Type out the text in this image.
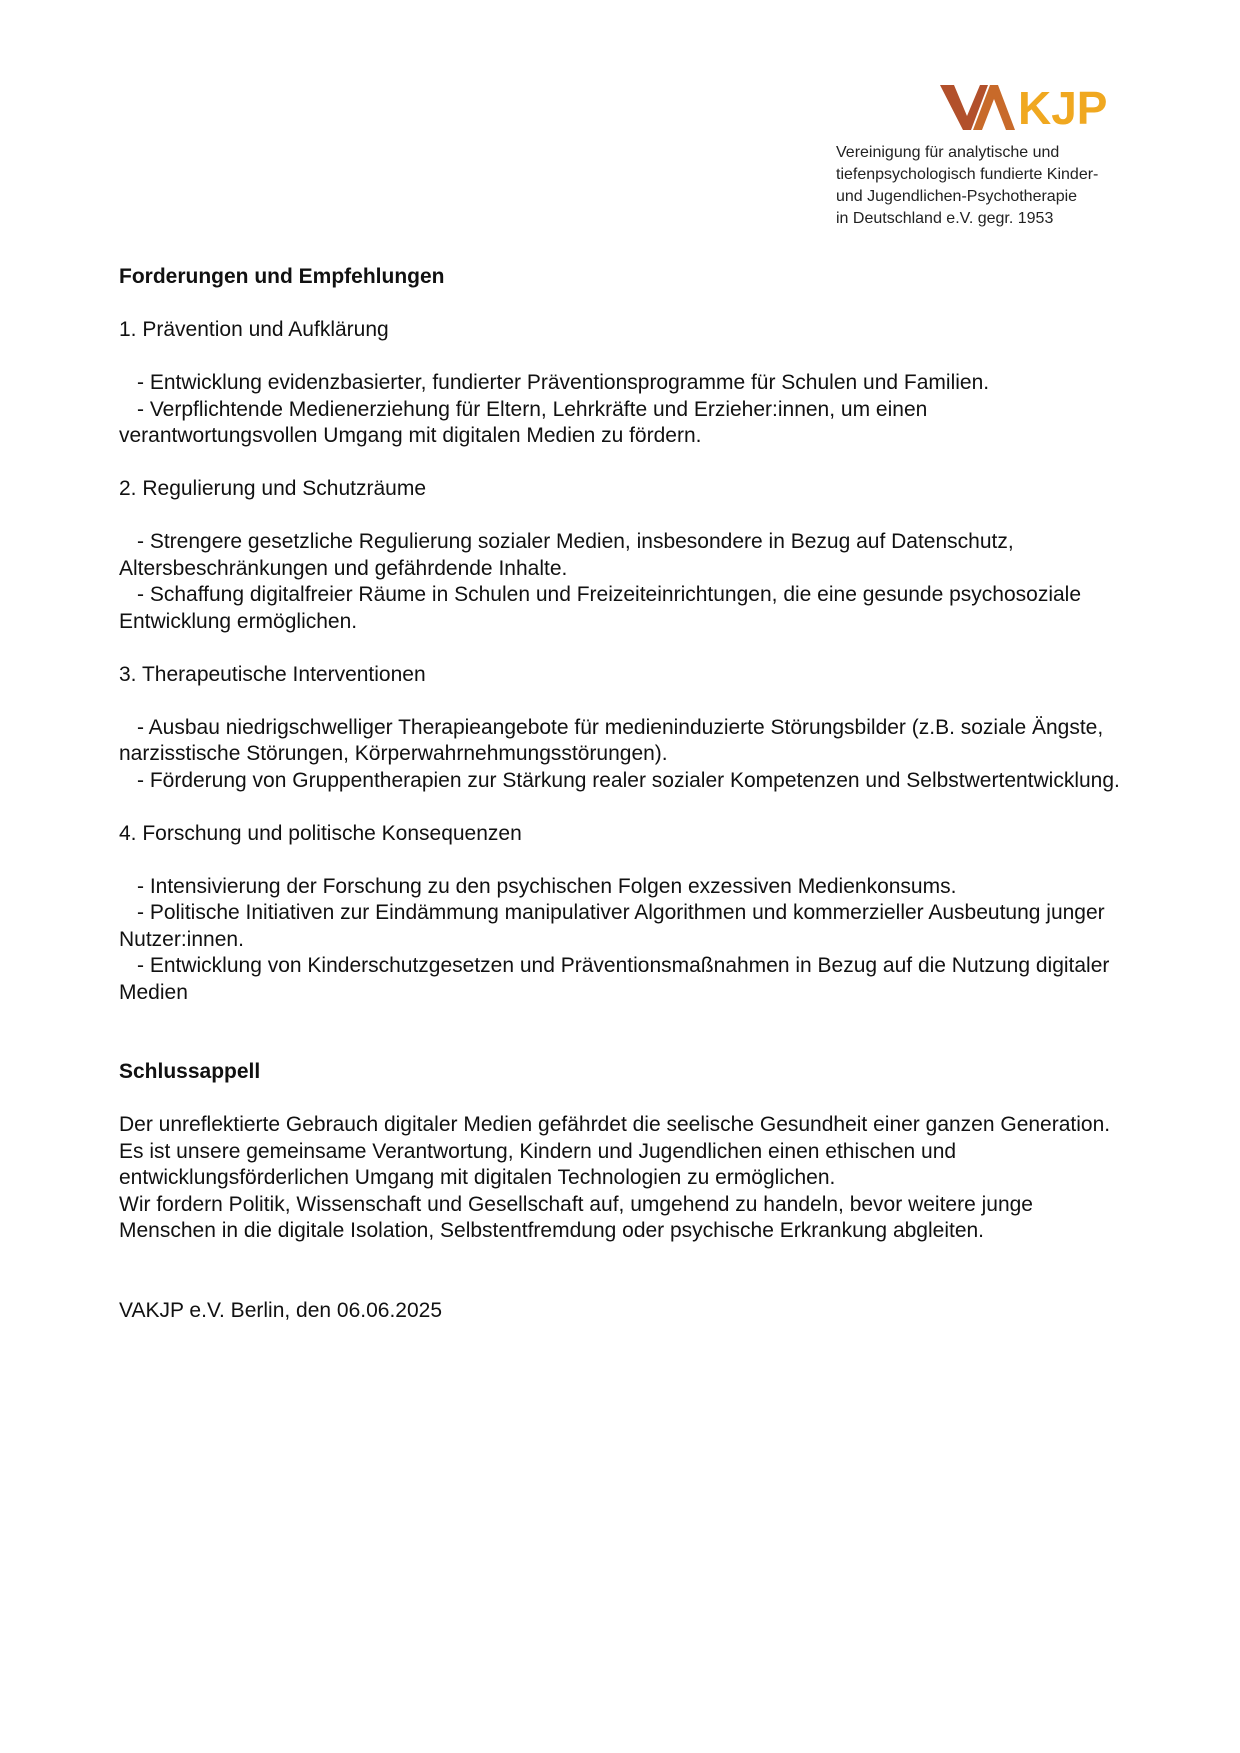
KJP
Vereinigung für analytische und
tiefenpsychologisch fundierte Kinder-
und Jugendlichen-Psychotherapie
in Deutschland e.V. gegr. 1953

Forderungen und Empfehlungen

1. Prävention und Aufklärung

- Entwicklung evidenzbasierter, fundierter Präventionsprogramme für Schulen und Familien.

- Verpflichtende Medienerziehung für Eltern, Lehrkräfte und Erzieher:innen, um einen verantwortungsvollen Umgang mit digitalen Medien zu fördern.

2. Regulierung und Schutzräume

- Strengere gesetzliche Regulierung sozialer Medien, insbesondere in Bezug auf Datenschutz, Altersbeschränkungen und gefährdende Inhalte.

- Schaffung digitalfreier Räume in Schulen und Freizeiteinrichtungen, die eine gesunde psychosoziale Entwicklung ermöglichen.

3. Therapeutische Interventionen

- Ausbau niedrigschwelliger Therapieangebote für medieninduzierte Störungsbilder (z.B. soziale Ängste, narzisstische Störungen, Körperwahrnehmungsstörungen).

- Förderung von Gruppentherapien zur Stärkung realer sozialer Kompetenzen und Selbstwertentwicklung.

4. Forschung und politische Konsequenzen

- Intensivierung der Forschung zu den psychischen Folgen exzessiven Medienkonsums.

- Politische Initiativen zur Eindämmung manipulativer Algorithmen und kommerzieller Ausbeutung junger Nutzer:innen.

- Entwicklung von Kinderschutzgesetzen und Präventionsmaßnahmen in Bezug auf die Nutzung digitaler Medien

Schlussappell

Der unreflektierte Gebrauch digitaler Medien gefährdet die seelische Gesundheit einer ganzen Generation. Es ist unsere gemeinsame Verantwortung, Kindern und Jugendlichen einen ethischen und entwicklungsförderlichen Umgang mit digitalen Technologien zu ermöglichen.

Wir fordern Politik, Wissenschaft und Gesellschaft auf, umgehend zu handeln, bevor weitere junge Menschen in die digitale Isolation, Selbstentfremdung oder psychische Erkrankung abgleiten.

VAKJP e.V. Berlin, den 06.06.2025
